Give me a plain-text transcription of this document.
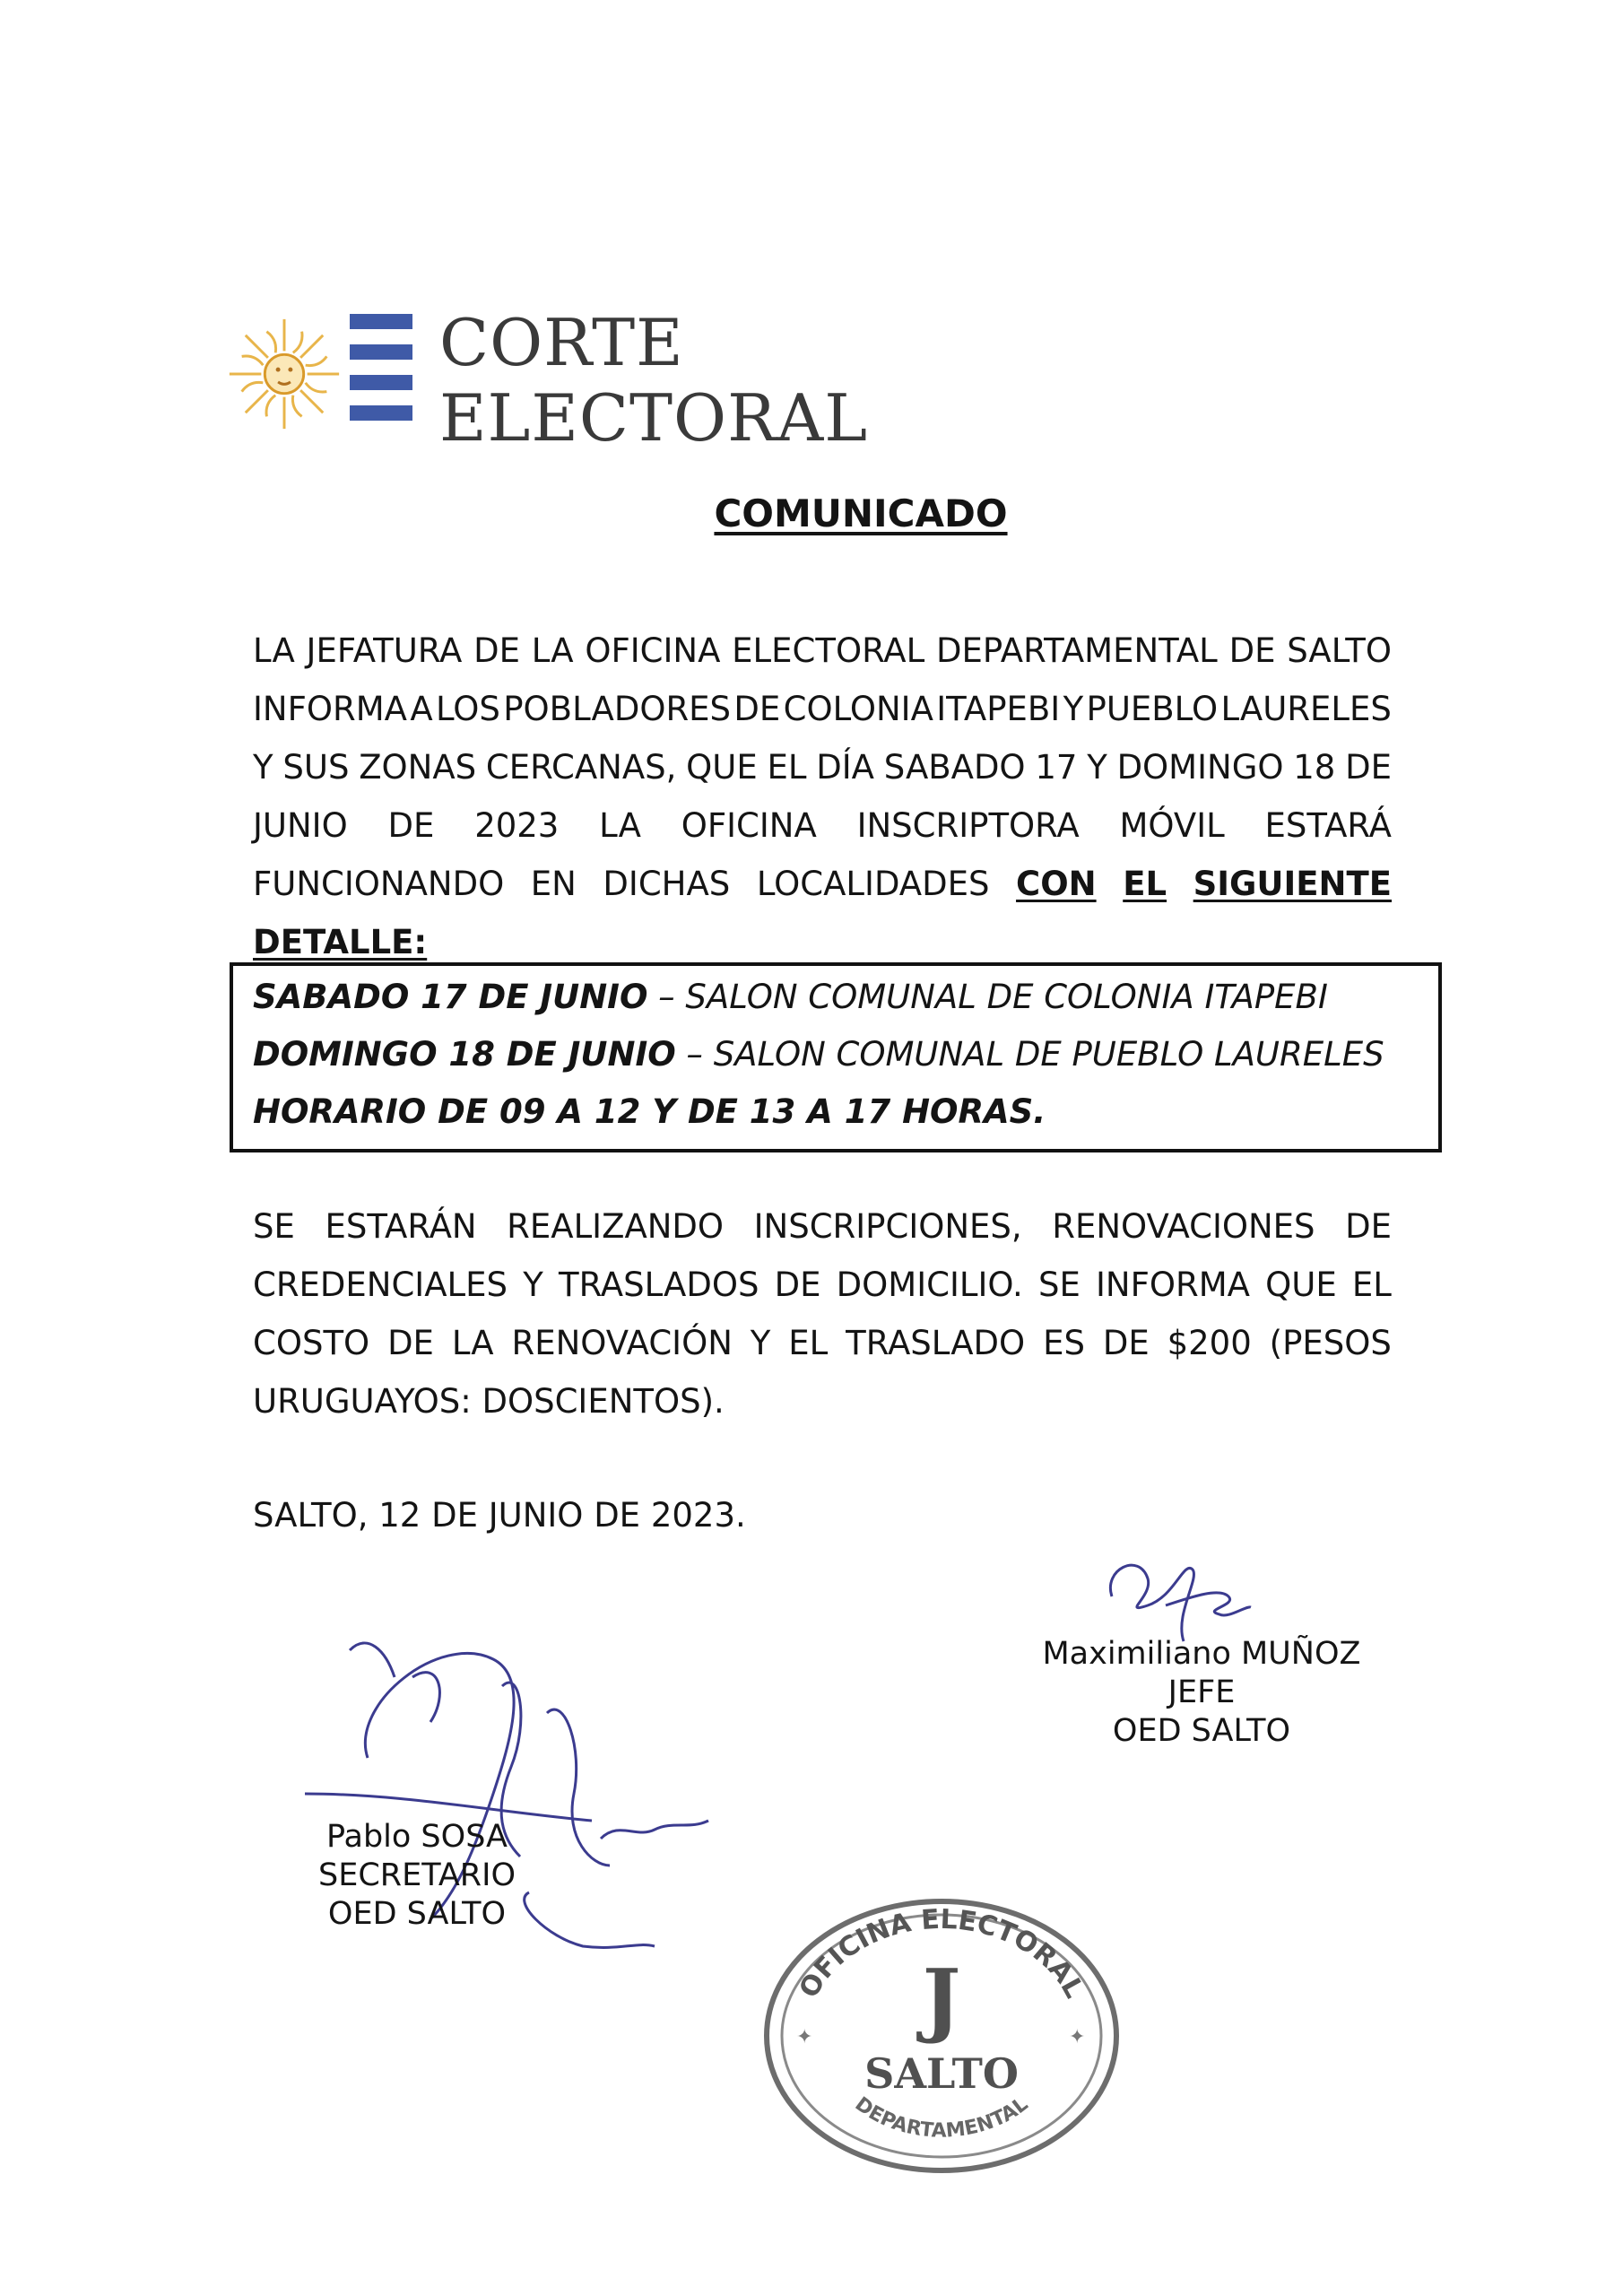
CORTE
ELECTORAL
COMUNICADO
LA JEFATURA DE LA OFICINA ELECTORAL DEPARTAMENTAL DE SALTO
INFORMA A LOS POBLADORES DE COLONIA ITAPEBI Y PUEBLO LAURELES
Y SUS ZONAS CERCANAS, QUE EL DÍA SABADO 17 Y DOMINGO 18 DE
JUNIO DE 2023 LA OFICINA INSCRIPTORA MÓVIL ESTARÁ
FUNCIONANDO EN DICHAS LOCALIDADES CON EL SIGUIENTE
DETALLE:
SABADO 17 DE JUNIO – SALON COMUNAL DE COLONIA ITAPEBI
DOMINGO 18 DE JUNIO – SALON COMUNAL DE PUEBLO LAURELES
HORARIO DE 09 A 12 Y DE 13 A 17 HORAS.
SE ESTARÁN REALIZANDO INSCRIPCIONES, RENOVACIONES DE
CREDENCIALES Y TRASLADOS DE DOMICILIO. SE INFORMA QUE EL
COSTO DE LA RENOVACIÓN Y EL TRASLADO ES DE $200 (PESOS
URUGUAYOS: DOSCIENTOS).
SALTO, 12 DE JUNIO DE 2023.
Maximiliano MUÑOZ
JEFE
OED SALTO
Pablo SOSA
SECRETARIO
OED SALTO
OFICINA ELECTORAL
J
SALTO
DEPARTAMENTAL
✦	✦
